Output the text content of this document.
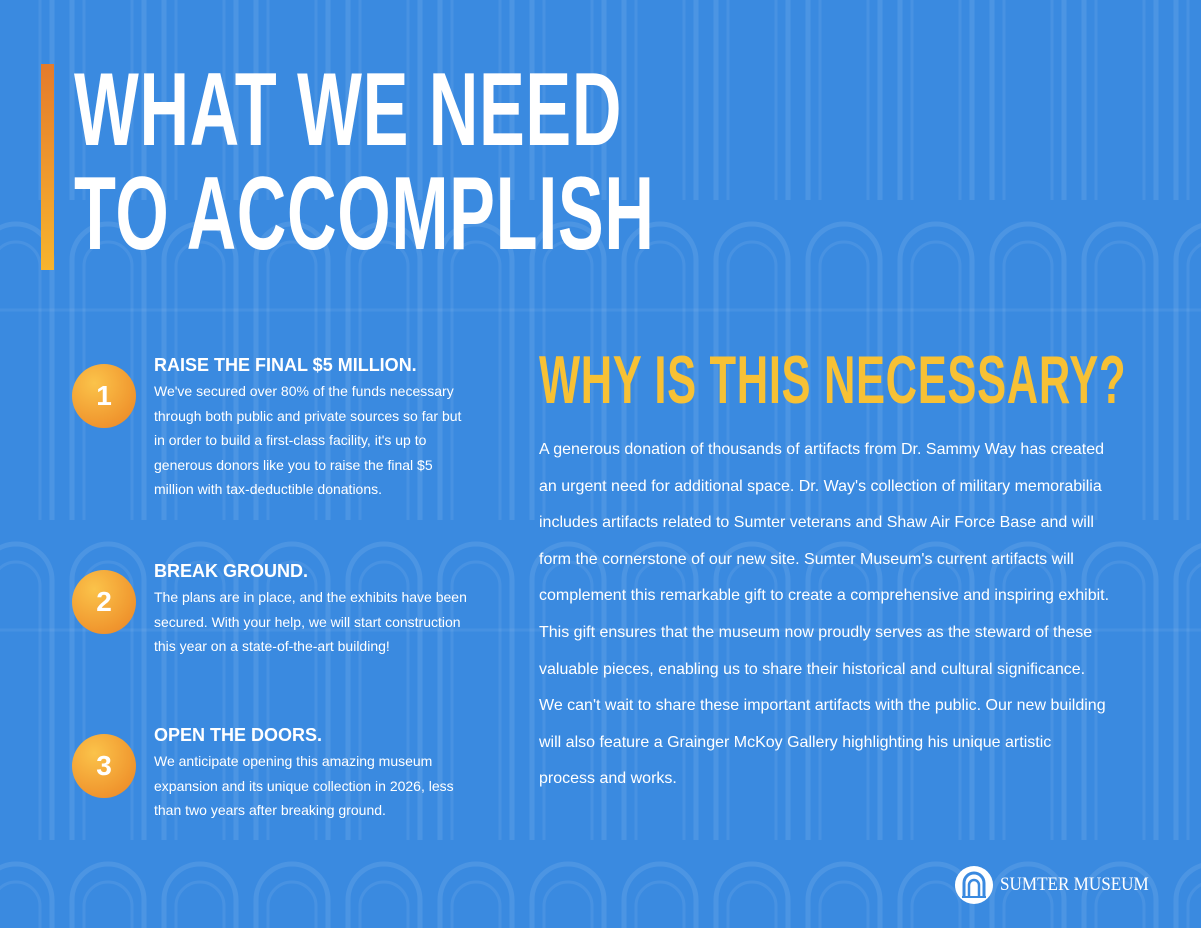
WHAT WE NEED
TO ACCOMPLISH
1
RAISE THE FINAL $5 MILLION.

We've secured over 80% of the funds necessary through both public and private sources so far but in order to build a first-class facility, it's up to generous donors like you to raise the final $5 million with tax-deductible donations.

2
BREAK GROUND.

The plans are in place, and the exhibits have been secured. With your help, we will start construction this year on a state-of-the-art building!

3
OPEN THE DOORS.

We anticipate opening this amazing museum expansion and its unique collection in 2026, less than two years after breaking ground.

WHY IS THIS NECESSARY?

A generous donation of thousands of artifacts from Dr. Sammy Way has created an urgent need for additional space. Dr. Way's collection of military memorabilia includes artifacts related to Sumter veterans and Shaw Air Force Base and will form the cornerstone of our new site. Sumter Museum's current artifacts will complement this remarkable gift to create a comprehensive and inspiring exhibit. This gift ensures that the museum now proudly serves as the steward of these valuable pieces, enabling us to share their historical and cultural significance. We can't wait to share these important artifacts with the public. Our new building will also feature a Grainger McKoy Gallery highlighting his unique artistic process and works.

SUMTER MUSEUM
